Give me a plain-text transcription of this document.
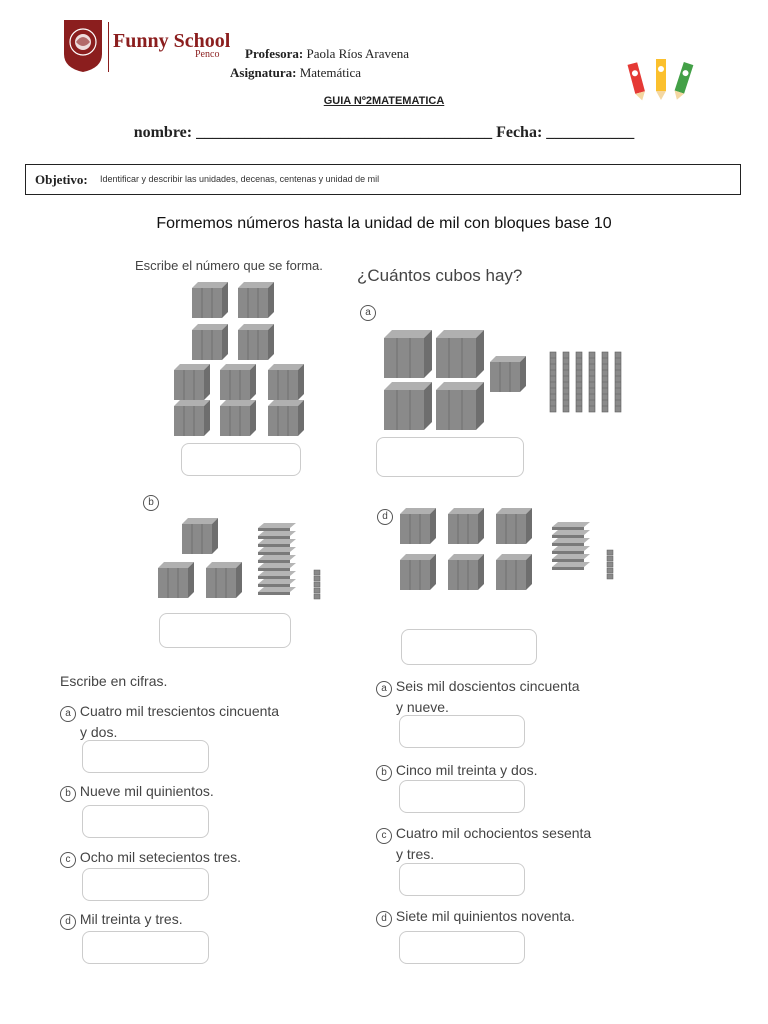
Funny School
Penco Profesora: Paola Ríos Aravena
Asignatura: Matemática
GUIA Nº2MATEMATICA
nombre: _____________________________________ Fecha: ___________
Objetivo: Identificar y describir las unidades, decenas, centenas y unidad de mil
Formemos números hasta la unidad de mil con bloques base 10
Escribe el número que se forma.
¿Cuántos cubos hay?
a
b
d
Escribe en cifras.
a Cuatro mil trescientos cincuenta
y dos.
b Nueve mil quinientos.
c Ocho mil setecientos tres.
d Mil treinta y tres.
a Seis mil doscientos cincuenta
y nueve.
b Cinco mil treinta y dos.
c Cuatro mil ochocientos sesenta
y tres.
d Siete mil quinientos noventa.
